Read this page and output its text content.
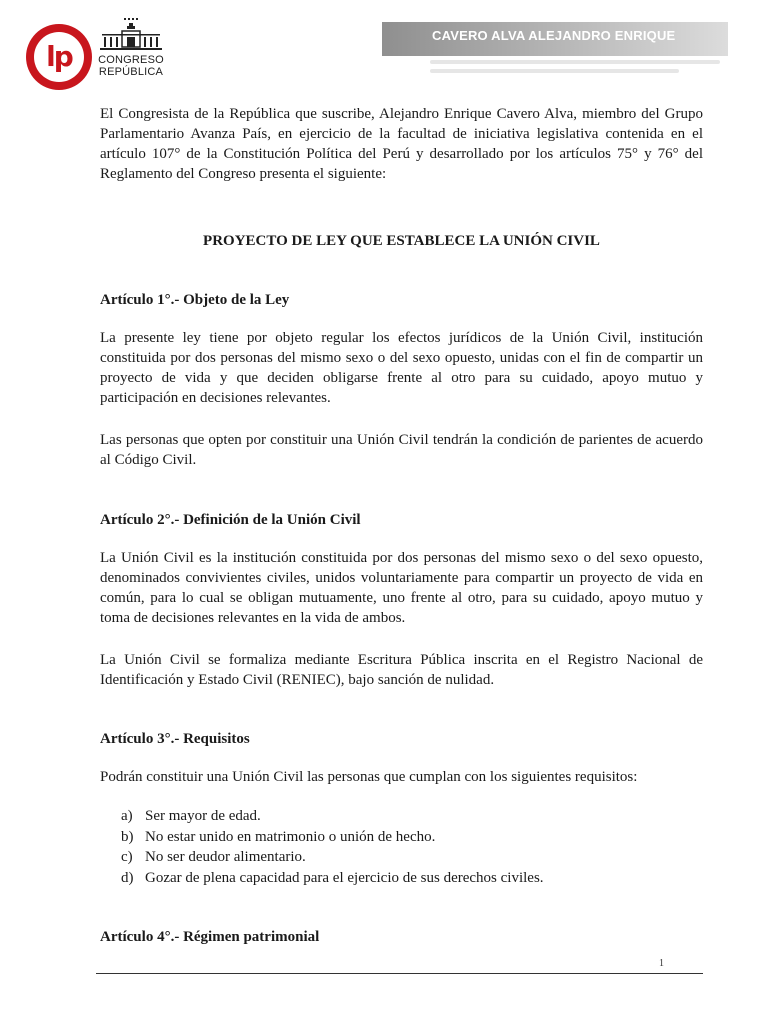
lp CONGRESO
REPÚBLICA
CAVERO ALVA ALEJANDRO ENRIQUE

El Congresista de la República que suscribe, Alejandro Enrique Cavero Alva, miembro del Grupo Parlamentario Avanza País, en ejercicio de la facultad de iniciativa legislativa contenida en el artículo 107° de la Constitución Política del Perú y desarrollado por los artículos 75° y 76° del Reglamento del Congreso presenta el siguiente:

PROYECTO DE LEY QUE ESTABLECE LA UNIÓN CIVIL

Artículo 1°.- Objeto de la Ley

La presente ley tiene por objeto regular los efectos jurídicos de la Unión Civil, institución constituida por dos personas del mismo sexo o del sexo opuesto, unidas con el fin de compartir un proyecto de vida y que deciden obligarse frente al otro para su cuidado, apoyo mutuo y participación en decisiones relevantes.

Las personas que opten por constituir una Unión Civil tendrán la condición de parientes de acuerdo al Código Civil.

Artículo 2°.- Definición de la Unión Civil

La Unión Civil es la institución constituida por dos personas del mismo sexo o del sexo opuesto, denominados convivientes civiles, unidos voluntariamente para compartir un proyecto de vida en común, para lo cual se obligan mutuamente, uno frente al otro, para su cuidado, apoyo mutuo y toma de decisiones relevantes en la vida de ambos.

La Unión Civil se formaliza mediante Escritura Pública inscrita en el Registro Nacional de Identificación y Estado Civil (RENIEC), bajo sanción de nulidad.

Artículo 3°.- Requisitos

Podrán constituir una Unión Civil las personas que cumplan con los siguientes requisitos:

a) Ser mayor de edad.
b) No estar unido en matrimonio o unión de hecho.
c) No ser deudor alimentario.
d) Gozar de plena capacidad para el ejercicio de sus derechos civiles.

Artículo 4°.- Régimen patrimonial

1
